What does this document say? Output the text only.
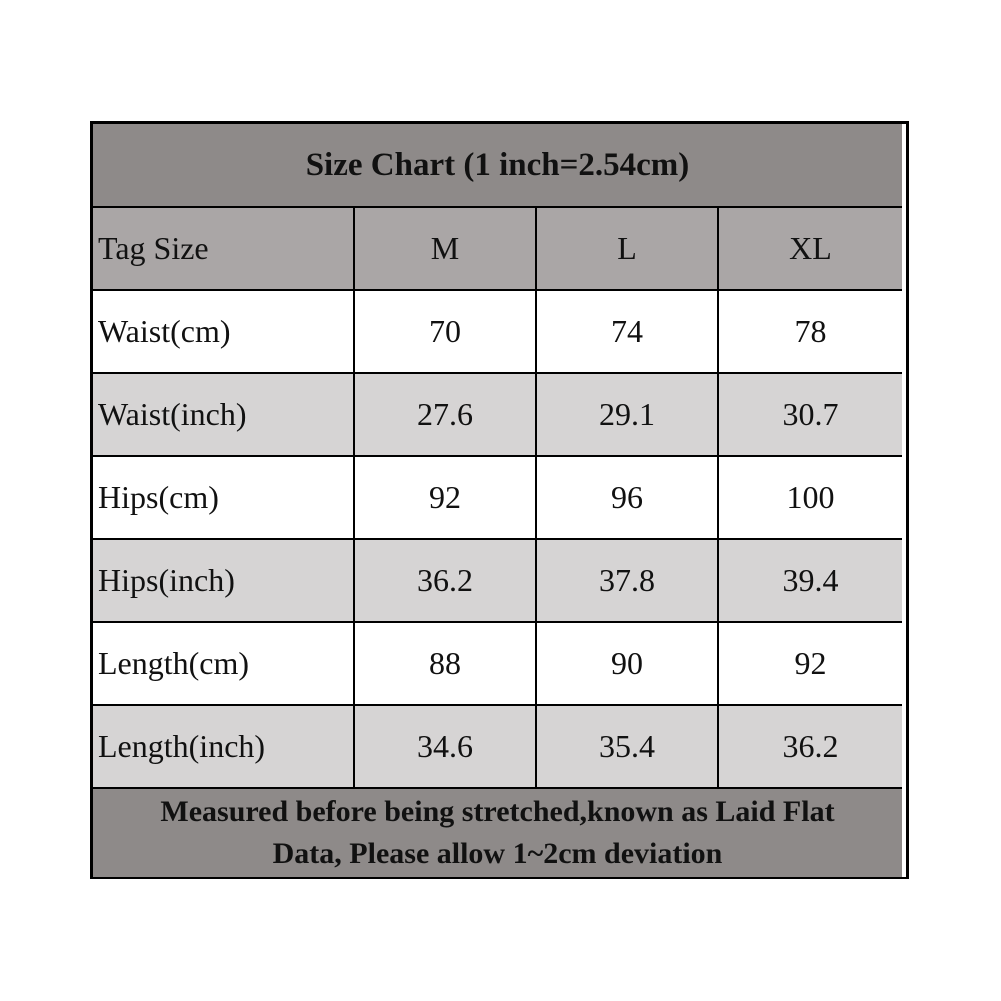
Size Chart (1 inch=2.54cm)
Tag Size	M	L	XL
Waist(cm)	70	74	78
Waist(inch)	27.6	29.1	30.7
Hips(cm)	92	96	100
Hips(inch)	36.2	37.8	39.4
Length(cm)	88	90	92
Length(inch)	34.6	35.4	36.2
Measured before being stretched,known as Laid Flat
Data, Please allow 1~2cm deviation
